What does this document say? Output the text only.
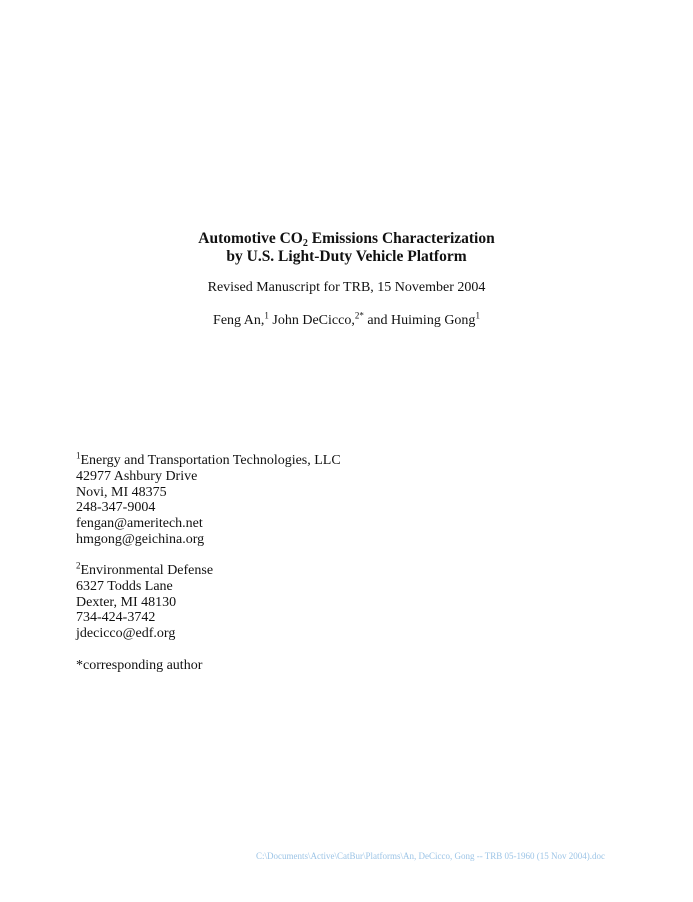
Automotive CO2 Emissions Characterization
by U.S. Light-Duty Vehicle Platform
Revised Manuscript for TRB, 15 November 2004
Feng An,$^1$ John DeCicco,$^{2*}$ and Huiming Gong$^1$
$^1$Energy and Transportation Technologies, LLC
42977 Ashbury Drive
Novi, MI 48375
248-347-9004
fengan@ameritech.net
hmgong@geichina.org
$^2$Environmental Defense
6327 Todds Lane
Dexter, MI 48130
734-424-3742
jdecicco@edf.org
*corresponding author
C:\Documents\Active\CatBur\Platforms\An, DeCicco, Gong -- TRB 05-1960 (15 Nov 2004).doc
